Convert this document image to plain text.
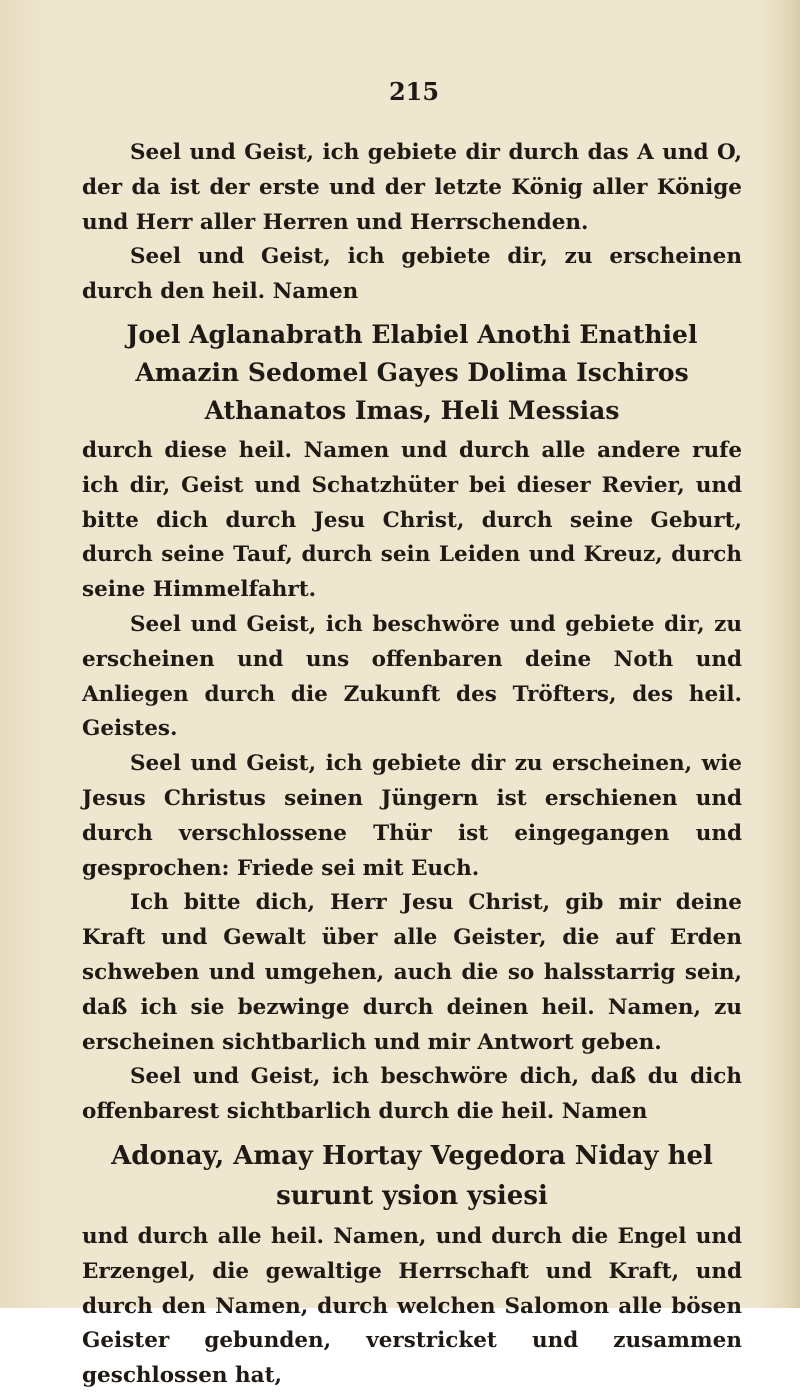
215

Seel und Geist, ich gebiete dir durch das A und O, der da ist der erste und der letzte König aller Könige und Herr aller Herren und Herrschenden.

Seel und Geist, ich gebiete dir, zu erscheinen durch den heil. Namen

Joel Aglanabrath Elabiel Anothi Enathiel
Amazin Sedomel Gayes Dolima Ischiros
Athanatos Imas, Heli Messias

durch diese heil. Namen und durch alle andere rufe ich dir, Geist und Schatzhüter bei dieser Revier, und bitte dich durch Jesu Christ, durch seine Geburt, durch seine Tauf, durch sein Leiden und Kreuz, durch seine Himmelfahrt.

Seel und Geist, ich beschwöre und gebiete dir, zu erscheinen und uns offenbaren deine Noth und Anliegen durch die Zukunft des Tröfters, des heil. Geistes.

Seel und Geist, ich gebiete dir zu erscheinen, wie Jesus Christus seinen Jüngern ist erschienen und durch verschlossene Thür ist eingegangen und gesprochen: Friede sei mit Euch.

Ich bitte dich, Herr Jesu Christ, gib mir deine Kraft und Gewalt über alle Geister, die auf Erden schweben und umgehen, auch die so halsstarrig sein, daß ich sie bezwinge durch deinen heil. Namen, zu erscheinen sichtbarlich und mir Antwort geben.

Seel und Geist, ich beschwöre dich, daß du dich offenbarest sichtbarlich durch die heil. Namen

Adonay, Amay Hortay Vegedora Niday hel
surunt ysion ysiesi

und durch alle heil. Namen, und durch die Engel und Erzengel, die gewaltige Herrschaft und Kraft, und durch den Namen, durch welchen Salomon alle bösen Geister gebunden, verstricket und zusammen geschlossen hat,
